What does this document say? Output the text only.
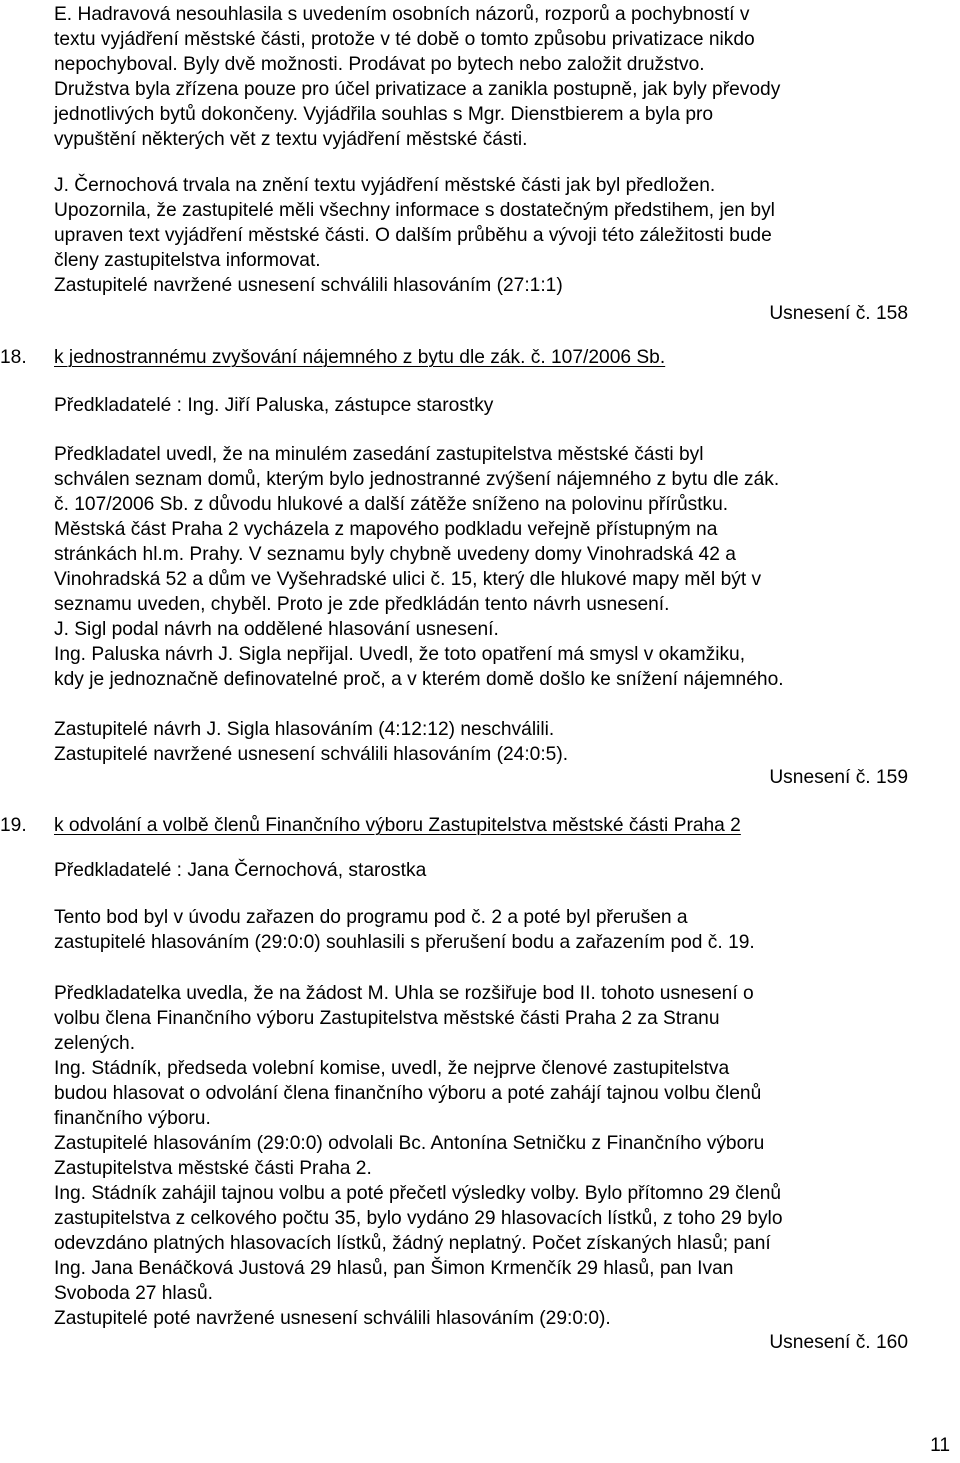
E. Hadravová nesouhlasila s uvedením osobních názorů, rozporů a pochybností v
textu vyjádření městské části, protože v té době o tomto způsobu privatizace nikdo
nepochyboval. Byly dvě možnosti. Prodávat po bytech nebo založit družstvo.
Družstva byla zřízena pouze pro účel privatizace a zanikla postupně, jak byly převody
jednotlivých bytů dokončeny. Vyjádřila souhlas s Mgr. Dienstbierem a byla pro
vypuštění některých vět z textu vyjádření městské části.
J. Černochová trvala na znění textu vyjádření městské části jak byl předložen.
Upozornila, že zastupitelé měli všechny informace s dostatečným předstihem, jen byl
upraven text vyjádření městské části. O dalším průběhu a vývoji této záležitosti bude
členy zastupitelstva informovat.
Zastupitelé navržené usnesení schválili hlasováním (27:1:1)
Usnesení č. 158
18. k jednostrannému zvyšování nájemného z bytu dle zák. č. 107/2006 Sb.
Předkladatelé : Ing. Jiří Paluska, zástupce starostky
Předkladatel uvedl, že na minulém zasedání zastupitelstva městské části byl
schválen seznam domů, kterým bylo jednostranné zvýšení nájemného z bytu dle zák.
č. 107/2006 Sb. z důvodu hlukové a další zátěže sníženo na polovinu přírůstku.
Městská část Praha 2 vycházela z mapového podkladu veřejně přístupným na
stránkách hl.m. Prahy. V seznamu byly chybně uvedeny domy Vinohradská 42 a
Vinohradská 52 a dům ve Vyšehradské ulici č. 15, který dle hlukové mapy měl být v
seznamu uveden, chyběl. Proto je zde předkládán tento návrh usnesení.
J. Sigl podal návrh na oddělené hlasování usnesení.
Ing. Paluska návrh J. Sigla nepřijal. Uvedl, že toto opatření má smysl v okamžiku,
kdy je jednoznačně definovatelné proč, a v kterém domě došlo ke snížení nájemného.
Zastupitelé návrh J. Sigla hlasováním (4:12:12) neschválili.
Zastupitelé navržené usnesení schválili hlasováním (24:0:5).
Usnesení č. 159
19. k odvolání a volbě členů Finančního výboru Zastupitelstva městské části Praha 2
Předkladatelé : Jana Černochová, starostka
Tento bod byl v úvodu zařazen do programu pod č. 2 a poté byl přerušen a
zastupitelé hlasováním (29:0:0) souhlasili s přerušení bodu a zařazením pod č. 19.
Předkladatelka uvedla, že na žádost M. Uhla se rozšiřuje bod II. tohoto usnesení o
volbu člena Finančního výboru Zastupitelstva městské části Praha 2 za Stranu
zelených.
Ing. Stádník, předseda volební komise, uvedl, že nejprve členové zastupitelstva
budou hlasovat o odvolání člena finančního výboru a poté zahájí tajnou volbu členů
finančního výboru.
Zastupitelé hlasováním (29:0:0) odvolali Bc. Antonína Setničku z Finančního výboru
Zastupitelstva městské části Praha 2.
Ing. Stádník zahájil tajnou volbu a poté přečetl výsledky volby. Bylo přítomno 29 členů
zastupitelstva z celkového počtu 35, bylo vydáno 29 hlasovacích lístků, z toho 29 bylo
odevzdáno platných hlasovacích lístků, žádný neplatný. Počet získaných hlasů; paní
Ing. Jana Benáčková Justová 29 hlasů, pan Šimon Krmenčík 29 hlasů, pan Ivan
Svoboda 27 hlasů.
Zastupitelé poté navržené usnesení schválili hlasováním (29:0:0).
Usnesení č. 160
11
